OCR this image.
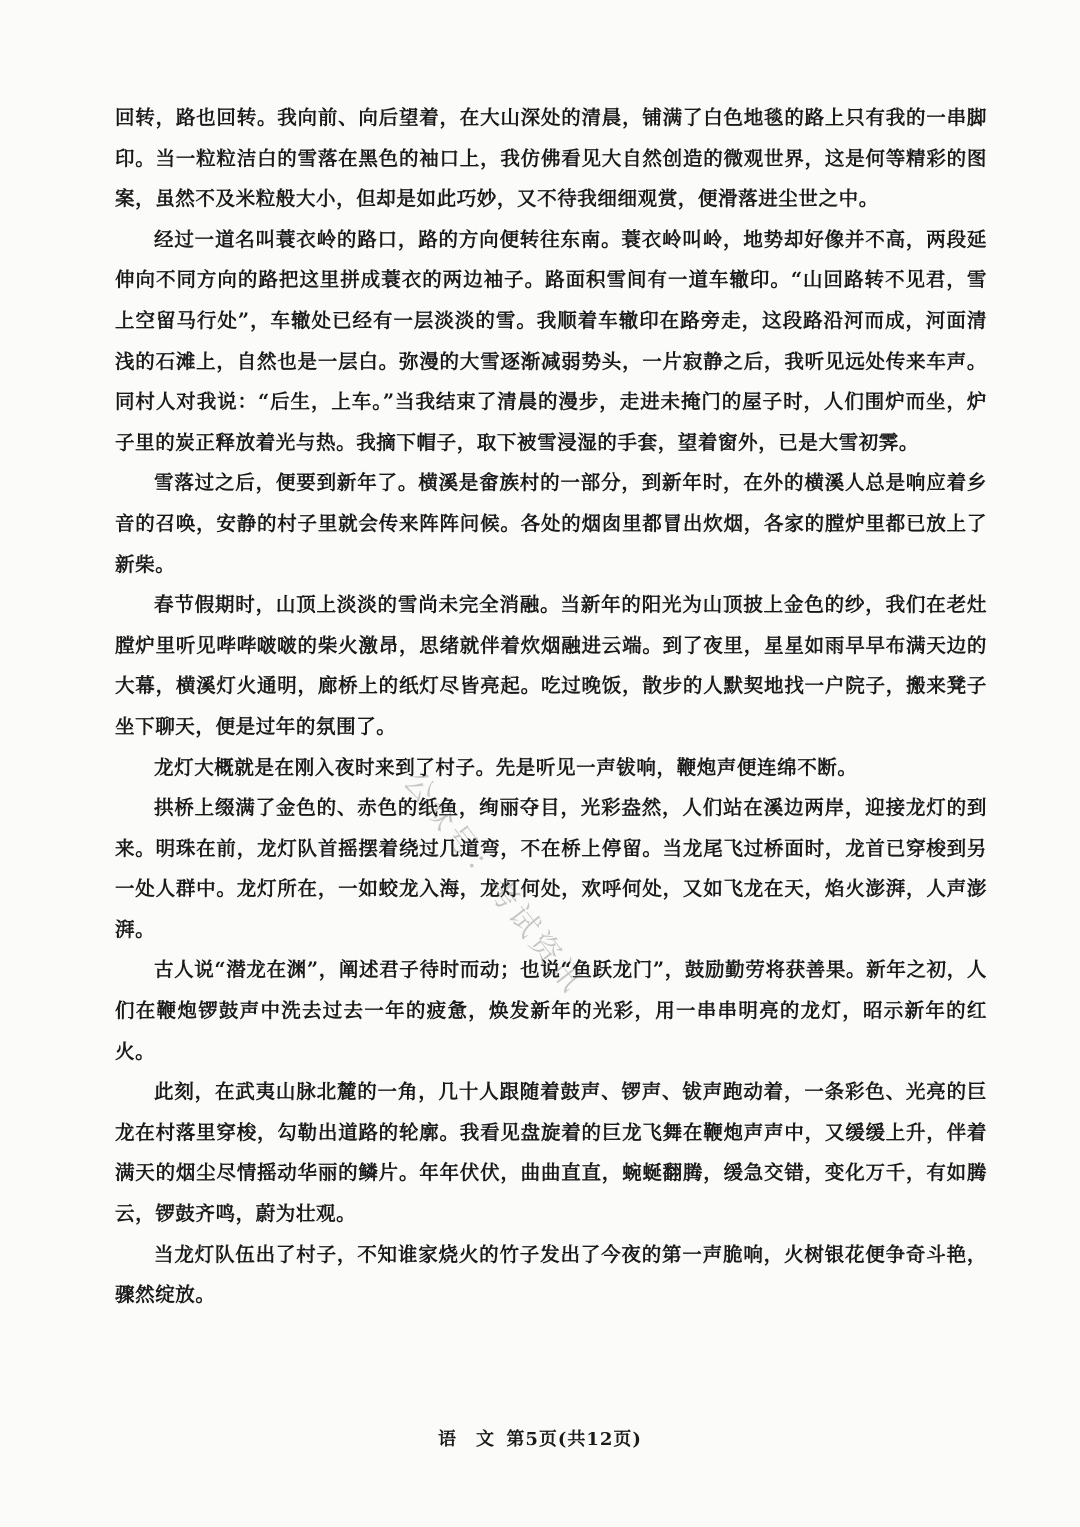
回转，路也回转。我向前、向后望着，在大山深处的清晨，铺满了白色地毯的路上只有我的一串脚印。当一粒粒洁白的雪落在黑色的袖口上，我仿佛看见大自然创造的微观世界，这是何等精彩的图案，虽然不及米粒般大小，但却是如此巧妙，又不待我细细观赏，便滑落进尘世之中。

经过一道名叫蓑衣岭的路口，路的方向便转往东南。蓑衣岭叫岭，地势却好像并不高，两段延伸向不同方向的路把这里拼成蓑衣的两边袖子。路面积雪间有一道车辙印。“山回路转不见君，雪上空留马行处”，车辙处已经有一层淡淡的雪。我顺着车辙印在路旁走，这段路沿河而成，河面清浅的石滩上，自然也是一层白。弥漫的大雪逐渐减弱势头，一片寂静之后，我听见远处传来车声。同村人对我说：“后生，上车。”当我结束了清晨的漫步，走进未掩门的屋子时，人们围炉而坐，炉子里的炭正释放着光与热。我摘下帽子，取下被雪浸湿的手套，望着窗外，已是大雪初霁。

雪落过之后，便要到新年了。横溪是畲族村的一部分，到新年时，在外的横溪人总是响应着乡音的召唤，安静的村子里就会传来阵阵问候。各处的烟囱里都冒出炊烟，各家的膛炉里都已放上了新柴。

春节假期时，山顶上淡淡的雪尚未完全消融。当新年的阳光为山顶披上金色的纱，我们在老灶膛炉里听见哔哔啵啵的柴火激昂，思绪就伴着炊烟融进云端。到了夜里，星星如雨早早布满天边的大幕，横溪灯火通明，廊桥上的纸灯尽皆亮起。吃过晚饭，散步的人默契地找一户院子，搬来凳子坐下聊天，便是过年的氛围了。

龙灯大概就是在刚入夜时来到了村子。先是听见一声钹响，鞭炮声便连绵不断。

拱桥上缀满了金色的、赤色的纸鱼，绚丽夺目，光彩盎然，人们站在溪边两岸，迎接龙灯的到来。明珠在前，龙灯队首摇摆着绕过几道弯，不在桥上停留。当龙尾飞过桥面时，龙首已穿梭到另一处人群中。龙灯所在，一如蛟龙入海，龙灯何处，欢呼何处，又如飞龙在天，焰火澎湃，人声澎湃。

古人说“潜龙在渊”，阐述君子待时而动；也说“鱼跃龙门”，鼓励勤劳将获善果。新年之初，人们在鞭炮锣鼓声中洗去过去一年的疲惫，焕发新年的光彩，用一串串明亮的龙灯，昭示新年的红火。

此刻，在武夷山脉北麓的一角，几十人跟随着鼓声、锣声、钹声跑动着，一条彩色、光亮的巨龙在村落里穿梭，勾勒出道路的轮廓。我看见盘旋着的巨龙飞舞在鞭炮声声中，又缓缓上升，伴着满天的烟尘尽情摇动华丽的鳞片。年年伏伏，曲曲直直，蜿蜒翻腾，缓急交错，变化万千，有如腾云，锣鼓齐鸣，蔚为壮观。

当龙灯队伍出了村子，不知谁家烧火的竹子发出了今夜的第一声脆响，火树银花便争奇斗艳，骤然绽放。

公众号：考试资讯
语　文 第5页(共12页)
